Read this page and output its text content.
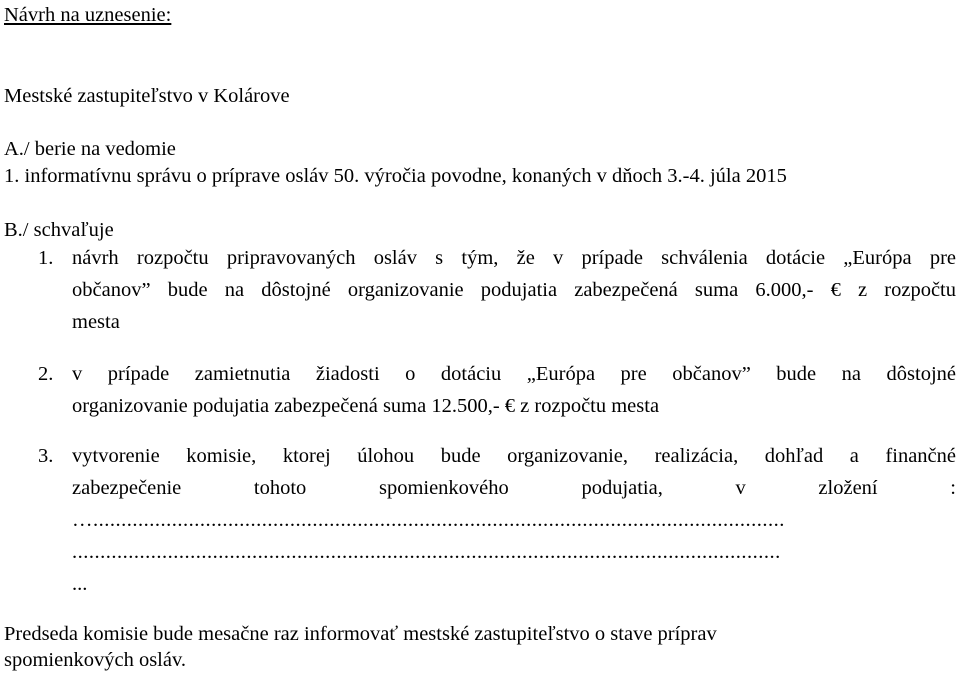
Návrh na uznesenie:
Mestské zastupiteľstvo v Kolárove
A./ berie na vedomie
1. informatívnu správu o príprave osláv 50. výročia povodne, konaných v dňoch 3.-4. júla 2015
B./ schvaľuje
1. návrh rozpočtu pripravovaných osláv s tým, že v prípade schválenia dotácie „Európa pre
občanov” bude na dôstojné organizovanie podujatia zabezpečená suma 6.000,- € z rozpočtu
mesta
2. v prípade zamietnutia žiadosti o dotáciu „Európa pre občanov” bude na dôstojné
organizovanie podujatia zabezpečená suma 12.500,- € z rozpočtu mesta
3. vytvorenie komisie, ktorej úlohou bude organizovanie, realizácia, dohľad a finančné
zabezpečenie tohoto spomienkového podujatia, v zložení :
…...........................................................................................................................
..............................................................................................................................
...
Predseda komisie bude mesačne raz informovať mestské zastupiteľstvo o stave príprav
spomienkových osláv.
